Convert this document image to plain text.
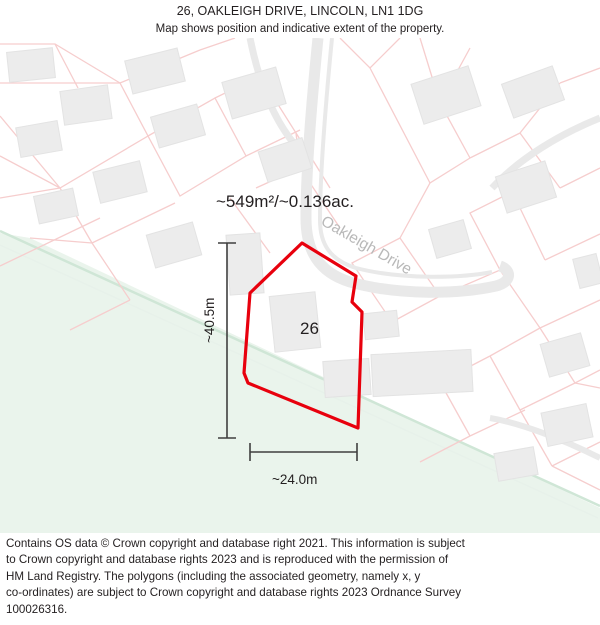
26, OAKLEIGH DRIVE, LINCOLN, LN1 1DG
Map shows position and indicative extent of the property.
~549m²/~0.136ac.
26
~40.5m
~24.0m
Oakleigh Drive

Contains OS data © Crown copyright and database right 2021. This information is subject

to Crown copyright and database rights 2023 and is reproduced with the permission of

HM Land Registry. The polygons (including the associated geometry, namely x, y

co-ordinates) are subject to Crown copyright and database rights 2023 Ordnance Survey

100026316.
